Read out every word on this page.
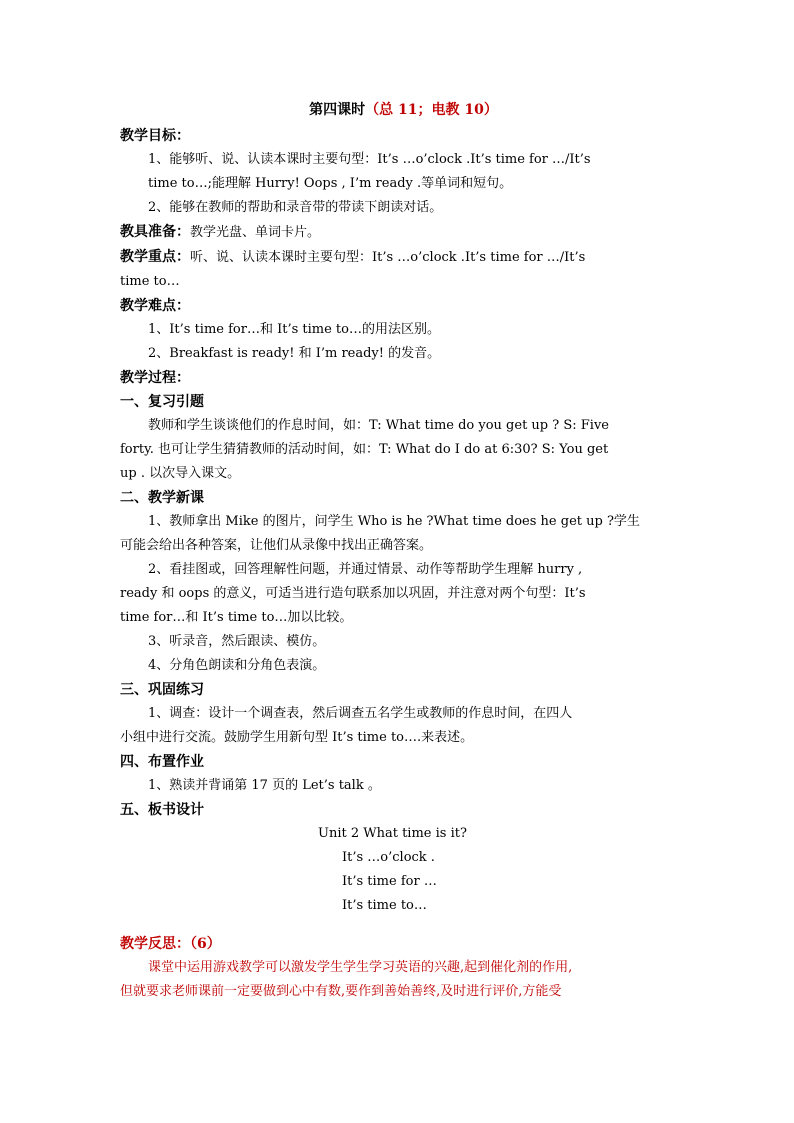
第四课时（总 11；电教 10）

教学目标：

1、能够听、说、认读本课时主要句型：It’s …o’clock .It’s time for …/It’s

time to…;能理解 Hurry! Oops , I’m ready .等单词和短句。

2、能够在教师的帮助和录音带的带读下朗读对话。

教具准备：教学光盘、单词卡片。

教学重点：听、说、认读本课时主要句型：It’s …o’clock .It’s time for …/It’s

time to…

教学难点：

1、It’s time for…和 It’s time to…的用法区别。

2、Breakfast is ready! 和 I’m ready! 的发音。

教学过程：

一、复习引题

教师和学生谈谈他们的作息时间，如：T: What time do you get up ? S: Five

forty. 也可让学生猜猜教师的活动时间，如：T: What do I do at 6:30? S: You get

up . 以次导入课文。

二、教学新课

1、教师拿出 Mike 的图片，问学生 Who is he ?What time does he get up ?学生

可能会给出各种答案，让他们从录像中找出正确答案。

2、看挂图或，回答理解性问题，并通过情景、动作等帮助学生理解 hurry ,

ready 和 oops 的意义，可适当进行造句联系加以巩固，并注意对两个句型：It’s

time for…和 It’s time to…加以比较。

3、听录音，然后跟读、模仿。

4、分角色朗读和分角色表演。

三、巩固练习

1、调查：设计一个调查表，然后调查五名学生或教师的作息时间，在四人

小组中进行交流。鼓励学生用新句型 It’s time to….来表述。

四、布置作业

1、熟读并背诵第 17 页的 Let’s talk 。

五、板书设计

Unit 2 What time is it?

It’s …o’clock .

It’s time for …

It’s time to…

教学反思：（6）

课堂中运用游戏教学可以激发学生学生学习英语的兴趣,起到催化剂的作用,

但就要求老师课前一定要做到心中有数,要作到善始善终,及时进行评价,方能受
